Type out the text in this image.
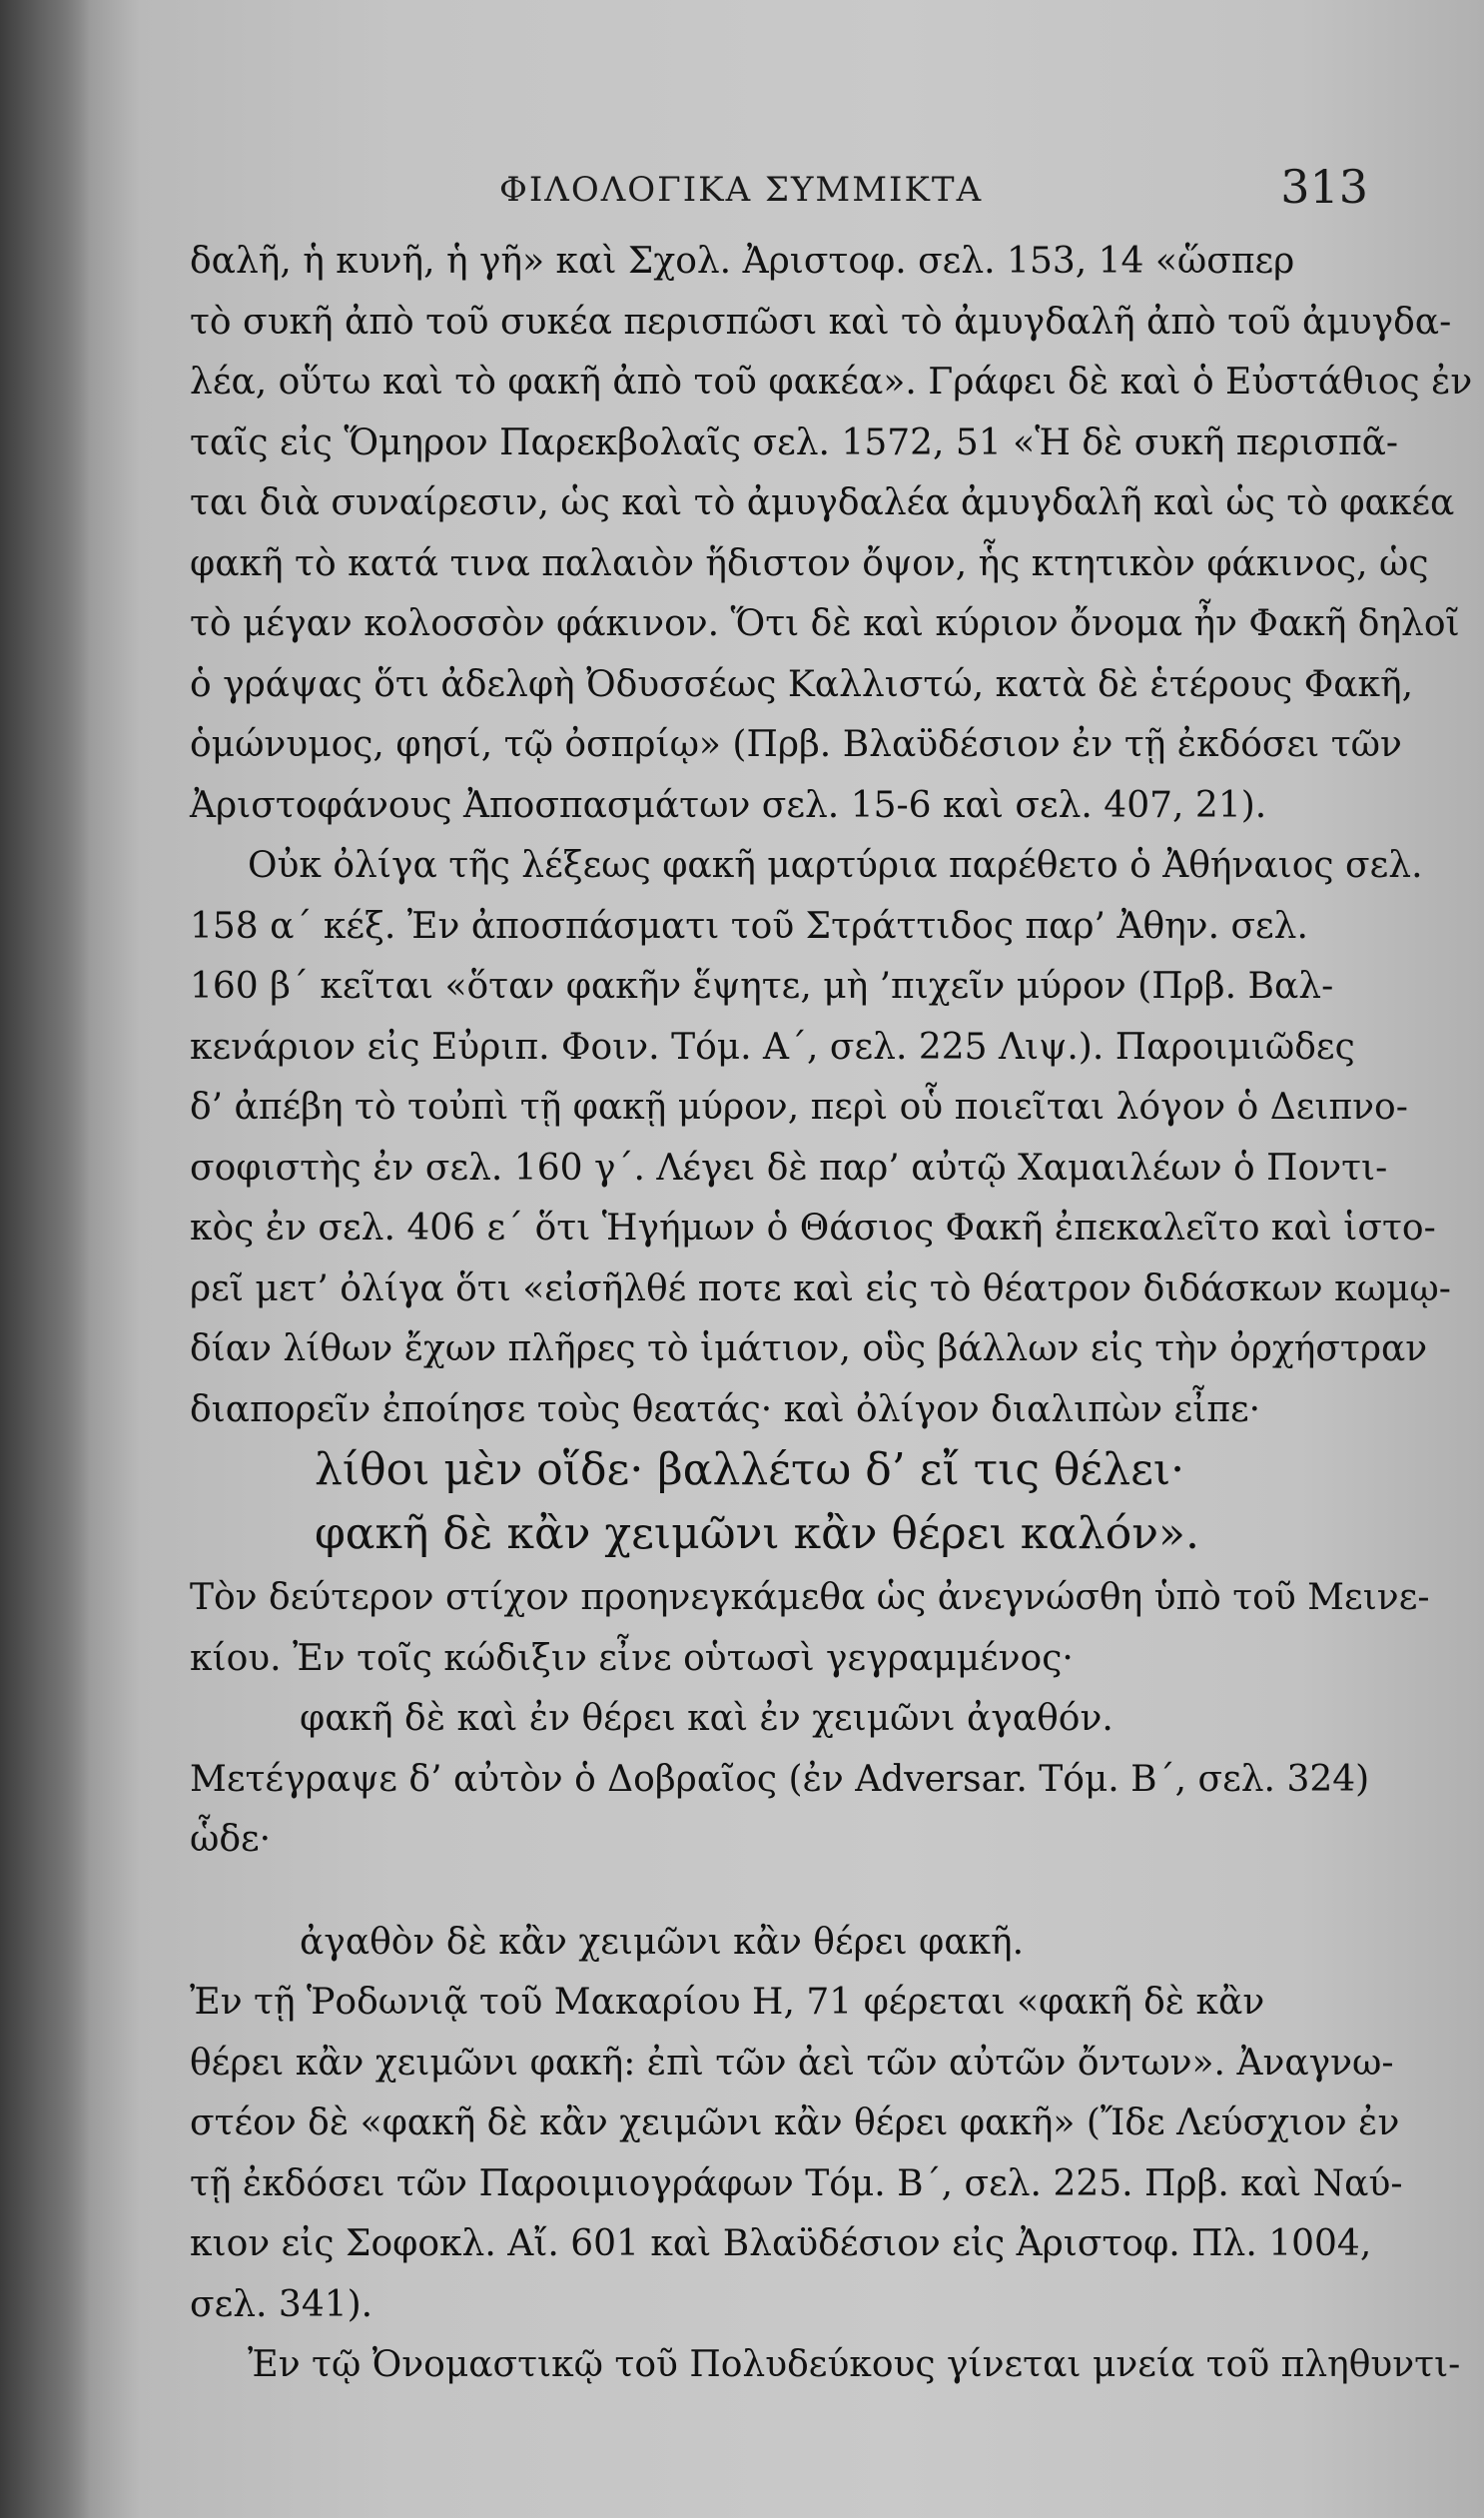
ΦΙΛΟΛΟΓΙΚΑ ΣΥΜΜΙΚΤΑ	313
δαλῆ, ἡ κυνῆ, ἡ γῆ» καὶ Σχολ. Ἀριστοφ. σελ. 153, 14 «ὥσπερ
τὸ συκῆ ἀπὸ τοῦ συκέα περισπῶσι καὶ τὸ ἀμυγδαλῆ ἀπὸ τοῦ ἀμυγδα-
λέα, οὕτω καὶ τὸ φακῆ ἀπὸ τοῦ φακέα». Γράφει δὲ καὶ ὁ Εὐστάθιος ἐν
ταῖς εἰς Ὅμηρον Παρεκβολαῖς σελ. 1572, 51 «Ἡ δὲ συκῆ περισπᾶ-
ται διὰ συναίρεσιν, ὡς καὶ τὸ ἀμυγδαλέα ἀμυγδαλῆ καὶ ὡς τὸ φακέα
φακῆ τὸ κατά τινα παλαιὸν ἥδιστον ὄψον, ἧς κτητικὸν φάκινος, ὡς
τὸ μέγαν κολοσσὸν φάκινον. Ὅτι δὲ καὶ κύριον ὄνομα ἦν Φακῆ δηλοῖ
ὁ γράψας ὅτι ἀδελφὴ Ὀδυσσέως Καλλιστώ, κατὰ δὲ ἑτέρους Φακῆ,
ὁμώνυμος, φησί, τῷ ὀσπρίῳ» (Πρβ. Βλαϋδέσιον ἐν τῇ ἐκδόσει τῶν
Ἀριστοφάνους Ἀποσπασμάτων σελ. 15-6 καὶ σελ. 407, 21).
Οὐκ ὀλίγα τῆς λέξεως φακῆ μαρτύρια παρέθετο ὁ Ἀθήναιος σελ.
158 α΄ κέξ. Ἐν ἀποσπάσματι τοῦ Στράττιδος παρ’ Ἀθην. σελ.
160 β΄ κεῖται «ὅταν φακῆν ἕψητε, μὴ ’πιχεῖν μύρον (Πρβ. Βαλ-
κενάριον εἰς Εὐριπ. Φοιν. Τόμ. Α΄, σελ. 225 Λιψ.). Παροιμιῶδες
δ’ ἀπέβη τὸ τοὐπὶ τῇ φακῇ μύρον, περὶ οὗ ποιεῖται λόγον ὁ Δειπνο-
σοφιστὴς ἐν σελ. 160 γ΄. Λέγει δὲ παρ’ αὐτῷ Χαμαιλέων ὁ Ποντι-
κὸς ἐν σελ. 406 ε΄ ὅτι Ἡγήμων ὁ Θάσιος Φακῆ ἐπεκαλεῖτο καὶ ἱστο-
ρεῖ μετ’ ὀλίγα ὅτι «εἰσῆλθέ ποτε καὶ εἰς τὸ θέατρον διδάσκων κωμῳ-
δίαν λίθων ἔχων πλῆρες τὸ ἱμάτιον, οὓς βάλλων εἰς τὴν ὀρχήστραν
διαπορεῖν ἐποίησε τοὺς θεατάς· καὶ ὀλίγον διαλιπὼν εἶπε·
λίθοι μὲν οἵδε· βαλλέτω δ’ εἴ τις θέλει·
φακῆ δὲ κἂν χειμῶνι κἂν θέρει καλόν».
Τὸν δεύτερον στίχον προηνεγκάμεθα ὡς ἀνεγνώσθη ὑπὸ τοῦ Μεινε-
κίου. Ἐν τοῖς κώδιξιν εἶνε οὑτωσὶ γεγραμμένος·
φακῆ δὲ καὶ ἐν θέρει καὶ ἐν χειμῶνι ἀγαθόν.
Μετέγραψε δ’ αὐτὸν ὁ Δοβραῖος (ἐν Adversar. Τόμ. Β΄, σελ. 324)
ὧδε·
ἀγαθὸν δὲ κἂν χειμῶνι κἂν θέρει φακῆ.
Ἐν τῇ Ῥοδωνιᾷ τοῦ Μακαρίου Η, 71 φέρεται «φακῆ δὲ κἂν
θέρει κἂν χειμῶνι φακῆ: ἐπὶ τῶν ἀεὶ τῶν αὐτῶν ὄντων». Ἀναγνω-
στέον δὲ «φακῆ δὲ κἂν χειμῶνι κἂν θέρει φακῆ» (Ἴδε Λεύσχιον ἐν
τῇ ἐκδόσει τῶν Παροιμιογράφων Τόμ. Β΄, σελ. 225. Πρβ. καὶ Ναύ-
κιον εἰς Σοφοκλ. Αἴ. 601 καὶ Βλαϋδέσιον εἰς Ἀριστοφ. Πλ. 1004,
σελ. 341).
Ἐν τῷ Ὀνομαστικῷ τοῦ Πολυδεύκους γίνεται μνεία τοῦ πληθυντι-
